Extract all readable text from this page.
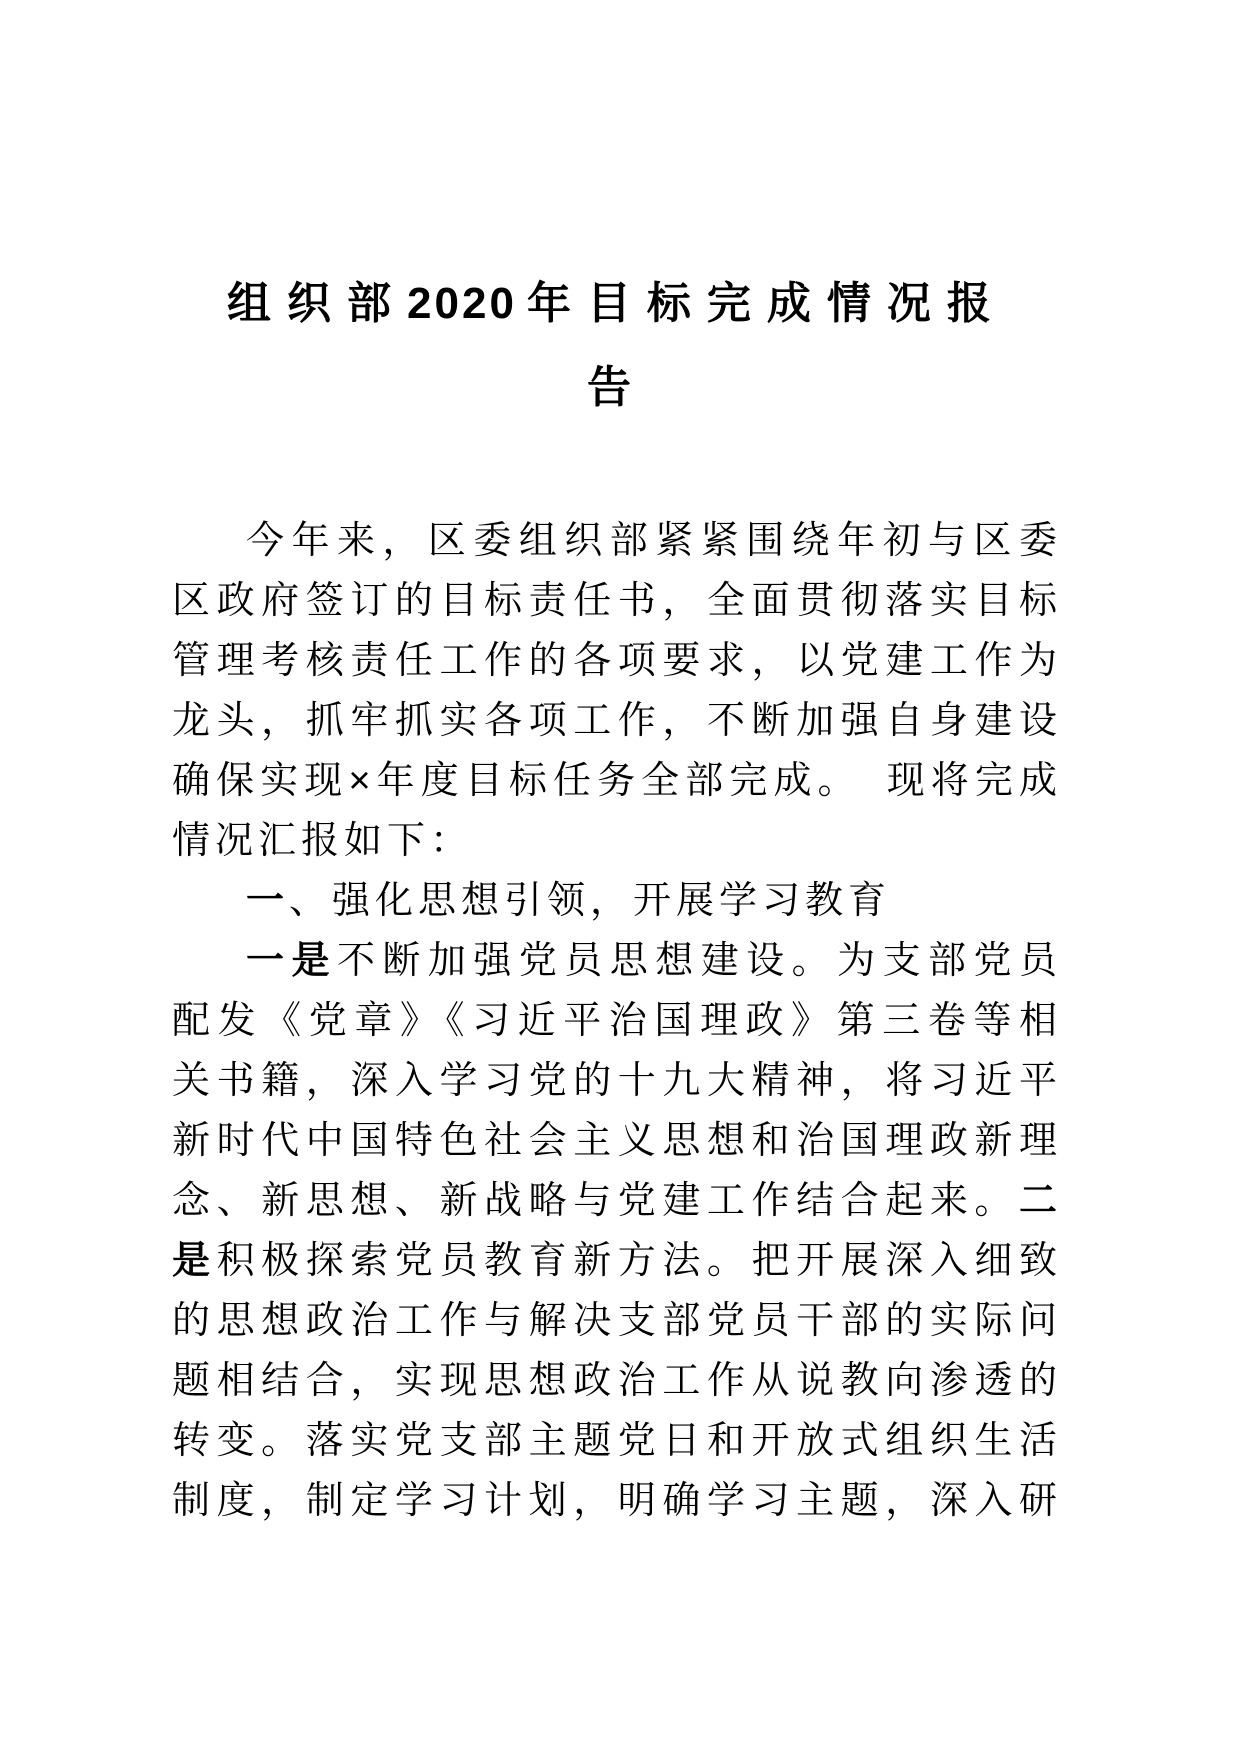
组织部2020 年目标完成情况报
告
今年来，区委组织部紧紧围绕年初与区委
区政府签订的目标责任书，全面贯彻落实目标
管理考核责任工作的各项要求，以党建工作为
龙头，抓牢抓实各项工作，不断加强自身建设
确保实现×年度目标任务全部完成。　现将完成
情况汇报如下：
一、强化思想引领，开展学习教育
一是不断加强党员思想建设。为支部党员
配发《党章》《习近平治国理政》第三卷等相
关书籍，深入学习党的十九大精神，将习近平
新时代中国特色社会主义思想和治国理政新理
念、新思想、新战略与党建工作结合起来。二
是积极探索党员教育新方法。把开展深入细致
的思想政治工作与解决支部党员干部的实际问
题相结合，实现思想政治工作从说教向渗透的
转变。落实党支部主题党日和开放式组织生活
制度，制定学习计划，明确学习主题，深入研
